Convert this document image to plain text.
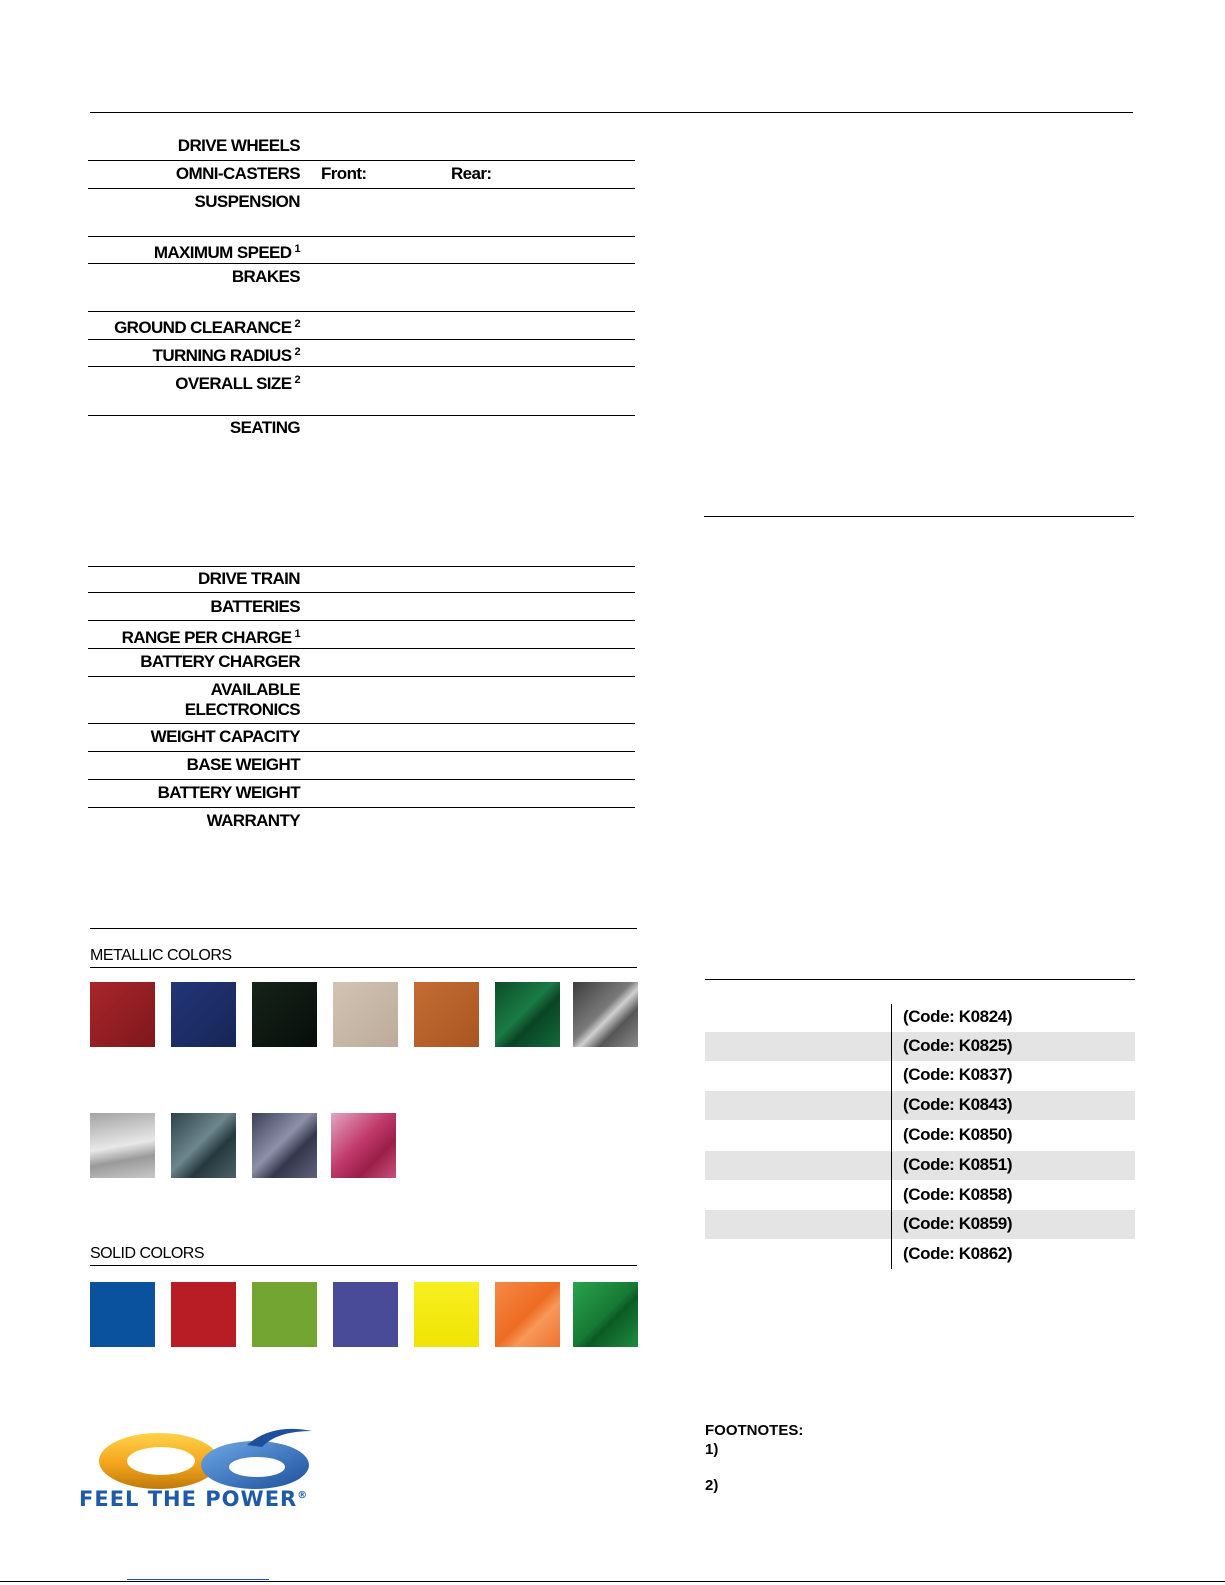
DRIVE WHEELS
OMNI-CASTERS Front:	Rear:
SUSPENSION
MAXIMUM SPEED $^1$
BRAKES
GROUND CLEARANCE $^2$
TURNING RADIUS $^2$
OVERALL SIZE $^2$
SEATING
DRIVE TRAIN
BATTERIES
RANGE PER CHARGE $^1$
BATTERY CHARGER
AVAILABLE
ELECTRONICS
WEIGHT CAPACITY
BASE WEIGHT
BATTERY WEIGHT
WARRANTY
METALLIC COLORS
SOLID COLORS
(Code: K0824)
(Code: K0825)
(Code: K0837)
(Code: K0843)
(Code: K0850)
(Code: K0851)
(Code: K0858)
(Code: K0859)
(Code: K0862)
FOOTNOTES:
1)
2)
FEEL THE POWER®
